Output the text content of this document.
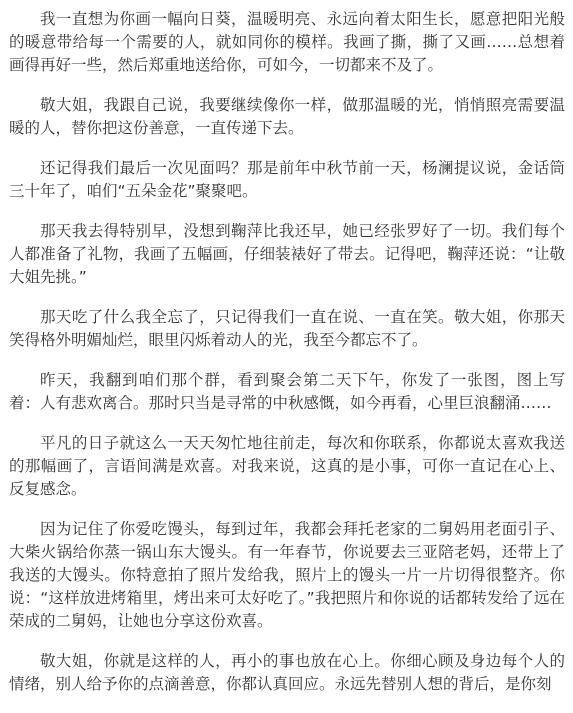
我一直想为你画一幅向日葵，温暖明亮、永远向着太阳生长，愿意把阳光般的暖意带给每一个需要的人，就如同你的模样。我画了撕，撕了又画……总想着画得再好一些，然后郑重地送给你，可如今，一切都来不及了。

敬大姐，我跟自己说，我要继续像你一样，做那温暖的光，悄悄照亮需要温暖的人，替你把这份善意，一直传递下去。

还记得我们最后一次见面吗？那是前年中秋节前一天，杨澜提议说，金话筒三十年了，咱们“五朵金花”聚聚吧。

那天我去得特别早，没想到鞠萍比我还早，她已经张罗好了一切。我们每个人都准备了礼物，我画了五幅画，仔细装裱好了带去。记得吧，鞠萍还说：“让敬大姐先挑。”

那天吃了什么我全忘了，只记得我们一直在说、一直在笑。敬大姐，你那天笑得格外明媚灿烂，眼里闪烁着动人的光，我至今都忘不了。

昨天，我翻到咱们那个群，看到聚会第二天下午，你发了一张图，图上写着：人有悲欢离合。那时只当是寻常的中秋感慨，如今再看，心里巨浪翻涌……

平凡的日子就这么一天天匆忙地往前走，每次和你联系，你都说太喜欢我送的那幅画了，言语间满是欢喜。对我来说，这真的是小事，可你一直记在心上、反复感念。

因为记住了你爱吃馒头，每到过年，我都会拜托老家的二舅妈用老面引子、大柴火锅给你蒸一锅山东大馒头。有一年春节，你说要去三亚陪老妈，还带上了我送的大馒头。你特意拍了照片发给我，照片上的馒头一片一片切得很整齐。你说：“这样放进烤箱里，烤出来可太好吃了。”我把照片和你说的话都转发给了远在荣成的二舅妈，让她也分享这份欢喜。

敬大姐，你就是这样的人，再小的事也放在心上。你细心顾及身边每个人的情绪，别人给予你的点滴善意，你都认真回应。永远先替别人想的背后，是你刻
